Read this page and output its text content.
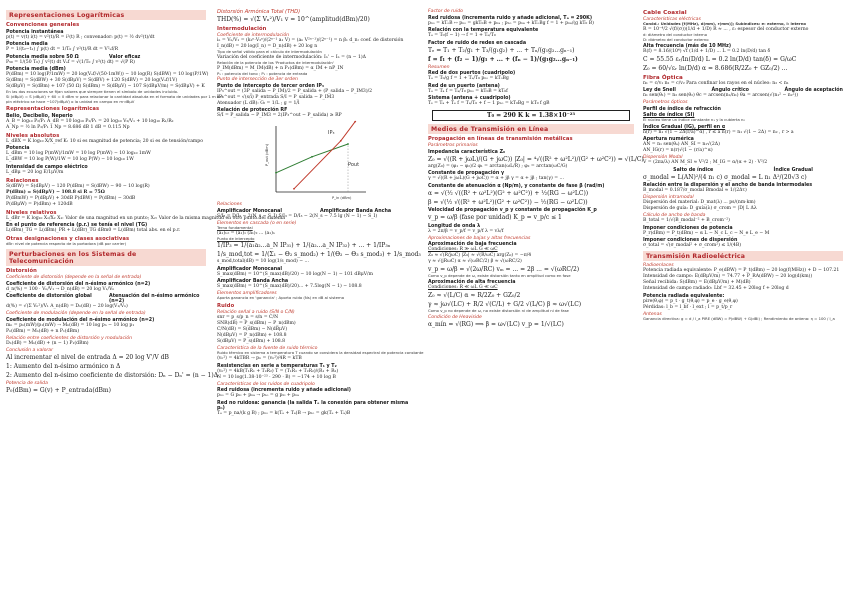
Representaciones Logarítmicas
Convenciones generales
Potencia instantánea
p(t) = v(t) i(t) = v²(t)/R = i²(t) R ; convenador: p(t) = ½ dv²(t)/dt
Potencia media
P = 1/(t₂−t₁) ∫ p(t) dt = 1/T₀ ∫ v²(t)/R dt = V²ₑf/R
Potencia media sobre 50 Ω	Valor eficaz
P₅₀ = 1/(50 T₀) ∫ v²(t) dt Vₑf = √(1/T₀ ∫ v²(t) dt) = √(P R)
Potencia media (dBm)
P(dBm) = 10 log(P/1mW) = 20 log(Vₑf/√(50·1mW)) − 10 log(R) S(dBW) = 10 log(P/1W)
S(dBm) = S(dBW) + 30 S(dBμV) = S(dBV) + 120 S(dBV) = 20 log(Vₑf/1V)
S(dBμV) = S(dBm) + 107 (50 Ω) S(dBm) = S(dBμV) − 107 S(dBμV/m) = S(dBμV) + K
En las dos ecuaciones se fijan valores que siempre tienen el símbolo de unidades incluido.
Si (dBμV) = S (dBμV) + 60 = 0 dBm ⇔ para relacionar la cantidad absoluta en el formato de unidades por 1 m del
pin eléctrico se hace −107(dBμV) o la unidad en campo en m·dBμV
Representaciones logarítmicas
Belio, Decibelio, Neperio
A_B = log₁₀ P₂/P₁ A_dB = 10 log₁₀ P₂/P₁ = 20 log₁₀ V₂/V₁ + 10 log₁₀ R₁/R₂
A_Np = ½ ln P₂/P₁ 1 Np = 8.686 dB 1 dB = 0.115 Np
Niveles absolutos
L_dBX = K log₁₀ X/X_ref K: 10 si es magnitud de potencia; 20 si es de tensión/campo
Potencia
L_dBm = 10 log P(mW)/1mW = 10 log P(mW) − 10 log₁₀ 1mW
L_dBW = 10 log P(W)/1W = 10 log P(W) − 10 log₁₀ 1W
Intensidad de campo eléctrico
L_dBμ = 20 log E/1μV/m
Relaciones
S(dBW) = S(dBμV) − 120 P(dBm) = S(dBW) − 90 − 10 log(R)
P(dBm) = S(dBμV) − 108.8 si R = 75Ω
P(dBmW) = P(dBμV) + 30dB P(dBW) = P(dBm) − 30dB
P(dBμW) = P(dBm) + 120dB
Niveles relativos
L_dBr = K log₁₀ X₁/X₂ X₁: Valor de una magnitud en un punto; X₂: Valor de la misma magnitud en otro punto del sistema
En el punto de referencia (p.r.) se tenía el nivel (TG)
L(dBm)_TG = L(dBm)_PR + L(dBr)_TG dBm0 = L(dBm) total abs. en el p.r.
Otras designaciones y clases asociativas
dBr: nivel de potencia respecto de la portadora (dB por carrier)
Perturbaciones en los Sistemas de Telecomunicación
Distorsión
Coeficiente de distorsión (depende en la señal de entrada)
Coeficiente de distorsión del n-ésimo armónico (n=2)
d_n(%) = 100 · Vₙ/V₁ → D_n(dB) = 20 log V₁/Vₙ
Coeficiente de distorsión global	Atenuación del n-ésimo armónico (n=2)
d(%) = √(Σ Vₙ²)/V₁ A_n(dB) = Dₙ(dB) − 20 log(V₁/Vₙ)
Coeficiente de modulación (depende en la señal de entrada)
Coeficiente de modulación del n-ésimo armónico (n=2)
mₙ = pₙ(mW)/p₁(mW) → Mₙ(dB) = 10 log pₙ − 10 log p₁
Pₙ(dBm) = Mₙ(dB) + n P₁(dBm)
Relación entre coeficientes de distorsión y modulación
Dₙ(dB) = Mₙ(dB) + (n − 1) P₁(dBm)
Conclusión a valorar
Al incrementar el nivel de entrada Δ = 20 log V'/V dB
1: Aumento del n-ésimo armónico n Δ
2: Aumento del n-ésimo coeficiente de distorsión: Dₙ − Dₙ' = (n − 1)Δ
Potencia de salida
P₀(dBm) = G(v) + P_entrada(dBm)
Distorsión Armónica Total (THD)
THD(%) = √(Σ Vₙ²)/V₁ v = 10^(amplitud(dBm)/20)
Intermodulación
Coeficiente de intermodulación
iₙ = Vₙ/V₁ = (k₂ⁿ·V₂ⁿ)/(2ⁿ⁻¹ a₁ V) = (aₙ V²ⁿ⁻¹)/(2ⁿ⁻¹) = n β₁ d_n: coef. de distorsión
I_n(dB) = 20 log(I_n) = D_n(dB) + 20 log n
Tipo de señal válido para el cálculo de intermodulación
Variación del coeficiente de intermodulación: Iₙ' − Iₙ = (n − 1)Δ
Relación de la potencia de los 'Productos de intermodulación'
P_IM(dBm) = M_IM(dB) + n P₁(dBm) = α_IM + nP_IN
P₁ : potencia del tono ; P₁ : potencia de entrada
Punto de intersección de 3er orden
Punto de intercepto de tercer orden IP₃
IP₃^out = (3P_salida − P_IM)/2 = P_salida + (P_salida − P_IM3)/2
IP₃^out = √(s/i) P_entrada S/I = P_salida − P_IM3
Atenuador (L dB): Gₜ = 1/L ; g = 1/l
Relación de protección RF
S/I = P_salida − P_IM3 = 2(IP₃^out − P_salida) ≥ RP
IP₃
Pout
P_out (dBm)
P_in (dBm)
Relaciones
Amplificador Monocanal	Amplificador Banda Ancha
S/I₃ = D/I₃ − 2(N_s − S_I) S/I₃ = D/I₃ − 2(N_s − 7.5 lg (N − 1) − S_I)
Elementos en cascada (o en serie)
Terna fundamental
(a₁)ₜₒₜ = (a₁)₁ (a₁)₂ ... (a₁)ₙ
Punto de intercepto
1/IP₃ = 1/(a₁a₂...a_N IP₃₁) + 1/(a₂...a_N IP₃₂) + ... + 1/IP₃ₙ
1/s_mod,tot = 1/(Σ₁ − Θ₂ s_mod₂) + 1/(Θ₂ − Θ₃ s_mod₃) + 1/s_mod₃
s_mod,total(dB) = 10 log(1/s_mod) − ...
Amplificador Monocanal
S_max(dBm) = 10^(S_max(dB)/20) − 10 log(N − 1) − 101 dBμV/m
Amplificador Banda Ancha
S_max(dBm) = 10^(S_max(dB)/20)... + 7.5log(N − 1) − 108.8
Elementos amplificadores
Aporta ganancia en 'ganancia' ; Aporta ruido (Ns) en dB al sistema
Ruido
Relación señal a ruido (S/N o C/N)
snr = p_s/p_n = s/n = C/N
SNR(dB) = P_s(dBm) − P_n(dBm)
C/N(dB) = S(dBm) − N(dBμV)
N(dBμV) = P_n(dBm) + 108.8
S(dBμV) = P_s(dBm) + 108.8
Característica de la fuente de ruido térmico
Ruido térmico en sistema a temperatura T cuando se considera la densidad espectral de potencia constante
⟨vₙ²⟩ = 4kTBR → pₙ = ⟨vₙ²⟩/4R = kTB
Resistencias en serie a temperaturas T₁ y T₂
⟨vₙ²⟩ = 4kB(T₁R₁ + T₂R₂) T = (T₁R₁ + T₂R₂)/(R₁ + R₂)
N = 10 log(1.38·10⁻²³ · 290 · B) = −174 + 10 log B
Características de los ruidos de cuadripolo
Red ruidosa (incrementa ruido y añade adicional)
pₙₒ = G pₙᵢ + pₙₐ → pₙₒ = g pₙᵢ + pₙₐ
Red no ruidosa: ganancia (la salida Tₑ la conexión para obtener misma pₙ)
Tₑ = p_na/(k g B) ; pₙₒ = k(Tₑ + Tₐ)B → pₙₒ = gk(Tₑ + Tₐ)B
Factor de ruido
Red ruidosa (incrementa ruido y añade adicional, Tₐ = 290K)
pₙₒ = kTₒB ↔ pₙₒ = gkT₀B + pₙₐ ; pₙₒ = pₙₐ + kTₒBg f = 1 + pₙₐ/(g kT₀ B)
Relación con la temperatura equivalente
Tₑ = T₀(f − 1) → f = 1 + Tₑ/T₀
Factor de ruido de redes en cascada
Tₑ = T₁ + T₂/g₁ + T₃/(g₁g₂) + ... + Tₙ/(g₁g₂...gₙ₋₁)
f = f₁ + (f₂ − 1)/g₁ + ... + (fₙ − 1)/(g₁g₂...gₙ₋₁)
Resumen
Red de dos puertos (cuadripolo)
Tₑ = T₀/g f = 1 + Tₑ/T₀ pₙₒ = kTₒBg
Red de un puerto (antena)
Tₑ = Tₐ f = Tₐ/T₀ pₙₒ = kT₀B = kT₀f
Sistema (antena + cuadripolo)
Tₛ = Tₐ + Tₑ f = Tₐ/T₀ + f − 1 pₙₒ = kT₀Bg = kT₀ f gB
T₀ = 290 K k = 1.38×10⁻²³
Medios de Transmisión en Línea
Propagación en líneas de transmisión metálicas
Parámetros primarios
Impedancia característica Z₀
Z₀ = √((R + jωL)/(G + jωC)) |Z₀| = ⁴√((R² + ω²L²)/(G² + ω²C²)) = √(L/C)
arg(Z₀) = (φ₁ − φ₂)/2 φ₁ = arctan(ωL/R) ; φ₂ = arctan(ωC/G)
Constante de propagación γ
γ = √((R + jωL)(G + jωC)) = α + jβ γ = α + jβ ; tan(γ) = ...
Constante de atenuación α (Np/m), y constante de fase β (rad/m)
α = √(½ √((R² + ω²L²)(G² + ω²C²)) + ½(RG − ω²LC))
β = √(½ √((R² + ω²L²)(G² + ω²C²)) − ½(RG − ω²LC))
Velocidad de propagación v_p y constante de propagación K_p
v_p = ω/β (fase por unidad) K_p = v_p/c ≤ 1
Longitud de onda λ
λ = 2π/β = v_p/f = v_p/f λ = vλ/f
Aproximaciones de bajas y altas frecuencias
Aproximación de baja frecuencia
Condiciones: R ≫ ωL G ≪ ωC
Z₀ ≈ √(R/jωC) |Z₀| ≈ √(R/ωC) arg(Z₀) = −π/4
γ ≈ √(jRωC) α ≈ √(ωRC/2) β ≈ √(ωRC/2)
v_p = ω/β = √(2ω/RC) vₘ = ... = 2β ... = √(ωRC/2)
Como v_p depende de ω, existe distorsión tanto en amplitud como en fase
Aproximación de alta frecuencia
Condiciones: R ≪ ωL G ≪ ωC
Z₀ ≈ √(L/C) α ≈ R/2Z₀ + GZ₀/2
γ ≈ jω√(LC) + R/2 √(C/L) + G/2 √(L/C) β ≈ ω√(LC)
Como v_p no depende de ω, no existe distorsión ni de amplitud ni de fase
Condición de Heaviside
α_mín = √(RG) ⟹ β = ω√(LC) v_p = 1/√(LC)
Cable Coaxial
Características eléctricas
Conód.: Unidades [f(MHz), d(mm), r(mm)]; Subíndices: e: externo, i: interno
R = 10⁻⁴/2 √(f/(σ))(1/d + 1/D) R ≈ ... , ε: espesor del conductor externo
d: diámetro del conductor interno
D: diámetro del conductor externo
Alta frecuencia (más de 10 MHz)
R(f) = 8.16/(10⁴) √f (1/d + 1/D) ... L = 0.2 ln(D/d) tan δ
C = 55.55 εᵣ/ln(D/d) L = 0.2 ln(D/d) tan(δ) = G/ωC
Z₀ = 60/√εᵣ ln(D/d) α = 8.686(R/2Z₀ + GZ₀/2) ...
Fibra Óptica
n₁ = c/v₁ n₂ = c/v₂ Para confinar los rayos en el núcleo: n₂ < n₁
Ley de Snell	Ángulo crítico	Ángulo de aceptación
n₁ sen(θ₁) = n₂ sen(θ₂) θc = arcsen(n₂/n₁) θa = arcsen(√(n₁² − n₂²))
Parámetros ópticos
Perfil de índice de refracción
Salto de índice (SI)
El núcleo tiene un índice constante n₁ y la cubierta n₂
Índice Gradual (IG), perfil en α
n(r) = n₁ √(1 − 2Δ(r/a)^α) , r ≤ a n(r) = n₁ √(1 − 2Δ) = n₂ , r > a
Apertura numérica
AN = n₁ sen(θₐ) AN_SI = n₁√(2Δ)
AN_IG(r) = n(r)√(1 − (r/a)^α)
Dispersión Modal
V = (2πa/λ) AN M_SI ≈ V²/2 ; M_IG = α/(α + 2) · V²/2
Salto de índice	Índice Gradual
σ_modal = L(AN)²/(4 n₁ c) σ_modal = L n₁ Δ²/(20√3 c)
Relación entre la dispersión y el ancho de banda intermodales
B_modal = 0.187/σ_modal Bmodal ≈ 1/(2Δτ)
Dispersión intramodal
Dispersión del material: D_mat(λ) ... ps/(nm·km)
Dispersión de guía: D_guía(λ) σ_crom = |D| L Δλ
Cálculo de ancho de banda
B_total = 1/√(B_modal⁻² + B_crom⁻²)
Imponer condiciones de potencia
P_r(dBm) = P_t(dBm) − α L − N_c L_c − N_e L_e − M
Imponer condiciones de dispersión
σ_total = √(σ_modal² + σ_crom²) ≤ 1/(4B)
Transmisión Radioeléctrica
Radioenlaces
Potencia radiada equivalente: P_e(dBW) = P_t(dBm) − 20 log(f(MHz)) + D − 107.21
Intensidad de campo: E(dBμV/m) = 74.77 + P_RA(dBW) − 20 log(d(km))
Señal recibida: S(dBm) = E(dBμV/m) + M(dB)
Intensidad de campo radiado: Lbf = 32.45 + 20log f + 20log d
Potencia radiada equivalente:
pire(θ,φ) = p_t · g_t(θ,φ) = p_e · g_e(θ,φ)
Pérdidas: l_b = l_bf · l_ext ; l = p_t/p_r
Antenas
Ganancia directiva: g = d / l_a PIRE (dBW) = P(dBW) + G(dBi) ; Rendimiento de antena: η = 100 / l_a
